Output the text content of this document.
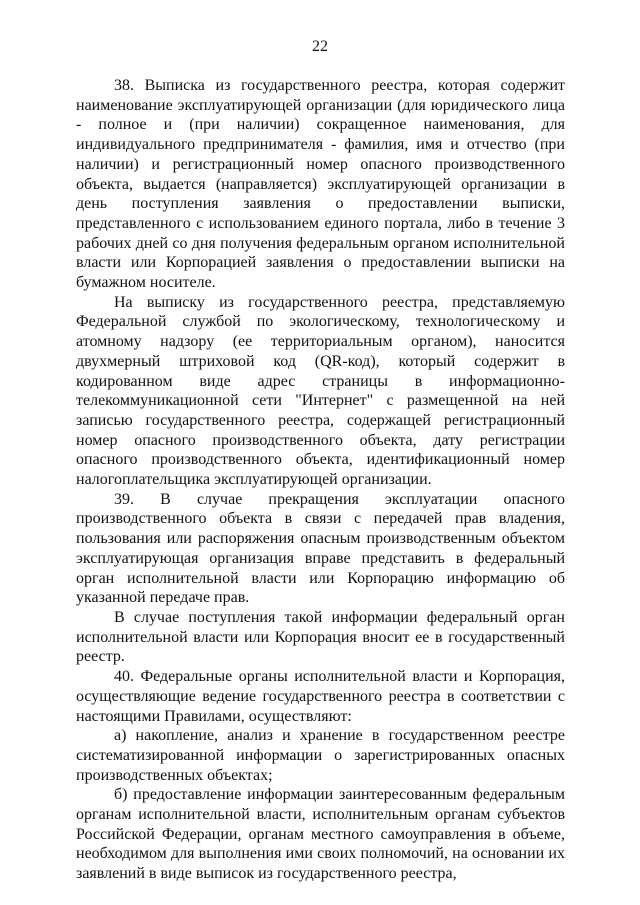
22

38. Выписка из государственного реестра, которая содержит наименование эксплуатирующей организации (для юридического лица - полное и (при наличии) сокращенное наименования, для индивидуального предпринимателя - фамилия, имя и отчество (при наличии) и регистрационный номер опасного производственного объекта, выдается (направляется) эксплуатирующей организации в день поступления заявления о предоставлении выписки, представленного с использованием единого портала, либо в течение 3 рабочих дней со дня получения федеральным органом исполнительной власти или Корпорацией заявления о предоставлении выписки на бумажном носителе.

На выписку из государственного реестра, представляемую Федеральной службой по экологическому, технологическому и атомному надзору (ее территориальным органом), наносится двухмерный штриховой код (QR-код), который содержит в кодированном виде адрес страницы в информационно-телекоммуникационной сети "Интернет" с размещенной на ней записью государственного реестра, содержащей регистрационный номер опасного производственного объекта, дату регистрации опасного производственного объекта, идентификационный номер налогоплательщика эксплуатирующей организации.

39. В случае прекращения эксплуатации опасного производственного объекта в связи с передачей прав владения, пользования или распоряжения опасным производственным объектом эксплуатирующая организация вправе представить в федеральный орган исполнительной власти или Корпорацию информацию об указанной передаче прав.

В случае поступления такой информации федеральный орган исполнительной власти или Корпорация вносит ее в государственный реестр.

40. Федеральные органы исполнительной власти и Корпорация, осуществляющие ведение государственного реестра в соответствии с настоящими Правилами, осуществляют:

а) накопление, анализ и хранение в государственном реестре систематизированной информации о зарегистрированных опасных производственных объектах;

б) предоставление информации заинтересованным федеральным органам исполнительной власти, исполнительным органам субъектов Российской Федерации, органам местного самоуправления в объеме, необходимом для выполнения ими своих полномочий, на основании их заявлений в виде выписок из государственного реестра,
